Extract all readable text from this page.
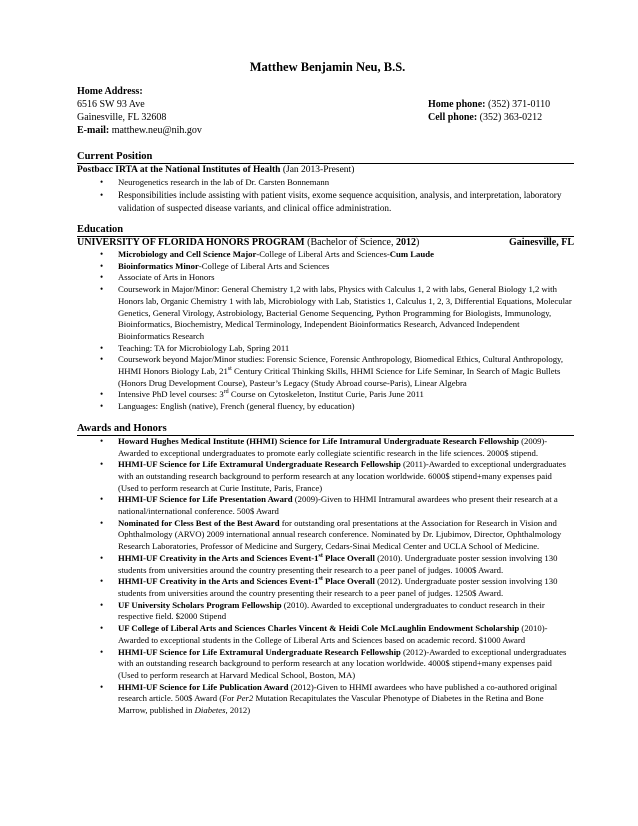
Matthew Benjamin Neu, B.S.
Home Address:
6516 SW 93 Ave
Gainesville, FL 32608
E-mail: matthew.neu@nih.gov

Home phone: (352) 371-0110
Cell phone: (352) 363-0212
Current Position
Postbacc IRTA at the National Institutes of Health (Jan 2013-Present)
• Neurogenetics research in the lab of Dr. Carsten Bonnemann
• Responsibilities include assisting with patient visits, exome sequence acquisition, analysis, and interpretation, laboratory validation of suspected disease variants, and clinical office administration.
Education
UNIVERSITY OF FLORIDA HONORS PROGRAM (Bachelor of Science, 2012)	Gainesville, FL
• Microbiology and Cell Science Major-College of Liberal Arts and Sciences-Cum Laude
• Bioinformatics Minor-College of Liberal Arts and Sciences
• Associate of Arts in Honors
• Coursework in Major/Minor: General Chemistry 1,2 with labs, Physics with Calculus 1, 2 with labs, General Biology 1,2 with Honors lab, Organic Chemistry 1 with lab, Microbiology with Lab, Statistics 1, Calculus 1, 2, 3, Differential Equations, Molecular Genetics, General Virology, Astrobiology, Bacterial Genome Sequencing, Python Programming for Biologists, Immunology, Bioinformatics, Biochemistry, Medical Terminology, Independent Bioinformatics Research, Advanced Independent Bioinformatics Research
• Teaching: TA for Microbiology Lab, Spring 2011
• Coursework beyond Major/Minor studies: Forensic Science, Forensic Anthropology, Biomedical Ethics, Cultural Anthropology, HHMI Honors Biology Lab, 21st Century Critical Thinking Skills, HHMI Science for Life Seminar, In Search of Magic Bullets (Honors Drug Development Course), Pasteur’s Legacy (Study Abroad course-Paris), Linear Algebra
• Intensive PhD level courses: 3rd Course on Cytoskeleton, Institut Curie, Paris June 2011
• Languages: English (native), French (general fluency, by education)
Awards and Honors
• Howard Hughes Medical Institute (HHMI) Science for Life Intramural Undergraduate Research Fellowship (2009)-Awarded to exceptional undergraduates to promote early collegiate scientific research in the life sciences. 2000$ stipend.
• HHMI-UF Science for Life Extramural Undergraduate Research Fellowship (2011)-Awarded to exceptional undergraduates with an outstanding research background to perform research at any location worldwide. 6000$ stipend+many expenses paid (Used to perform research at Curie Institute, Paris, France)
• HHMI-UF Science for Life Presentation Award (2009)-Given to HHMI Intramural awardees who present their research at a national/international conference. 500$ Award
• Nominated for Cless Best of the Best Award for outstanding oral presentations at the Association for Research in Vision and Ophthalmology (ARVO) 2009 international annual research conference. Nominated by Dr. Ljubimov, Director, Ophthalmology Research Laboratories, Professor of Medicine and Surgery, Cedars-Sinai Medical Center and UCLA School of Medicine.
• HHMI-UF Creativity in the Arts and Sciences Event-1st Place Overall (2010). Undergraduate poster session involving 130 students from universities around the country presenting their research to a peer panel of judges. 1000$ Award.
• HHMI-UF Creativity in the Arts and Sciences Event-1st Place Overall (2012). Undergraduate poster session involving 130 students from universities around the country presenting their research to a peer panel of judges. 1250$ Award.
• UF University Scholars Program Fellowship (2010). Awarded to exceptional undergraduates to conduct research in their respective field. $2000 Stipend
• UF College of Liberal Arts and Sciences Charles Vincent & Heidi Cole McLaughlin Endowment Scholarship (2010)-Awarded to exceptional students in the College of Liberal Arts and Sciences based on academic record. $1000 Award
• HHMI-UF Science for Life Extramural Undergraduate Research Fellowship (2012)-Awarded to exceptional undergraduates with an outstanding research background to perform research at any location worldwide. 4000$ stipend+many expenses paid (Used to perform research at Harvard Medical School, Boston, MA)
• HHMI-UF Science for Life Publication Award (2012)-Given to HHMI awardees who have published a co-authored original research article. 500$ Award (For Per2 Mutation Recapitulates the Vascular Phenotype of Diabetes in the Retina and Bone Marrow, published in Diabetes, 2012)
